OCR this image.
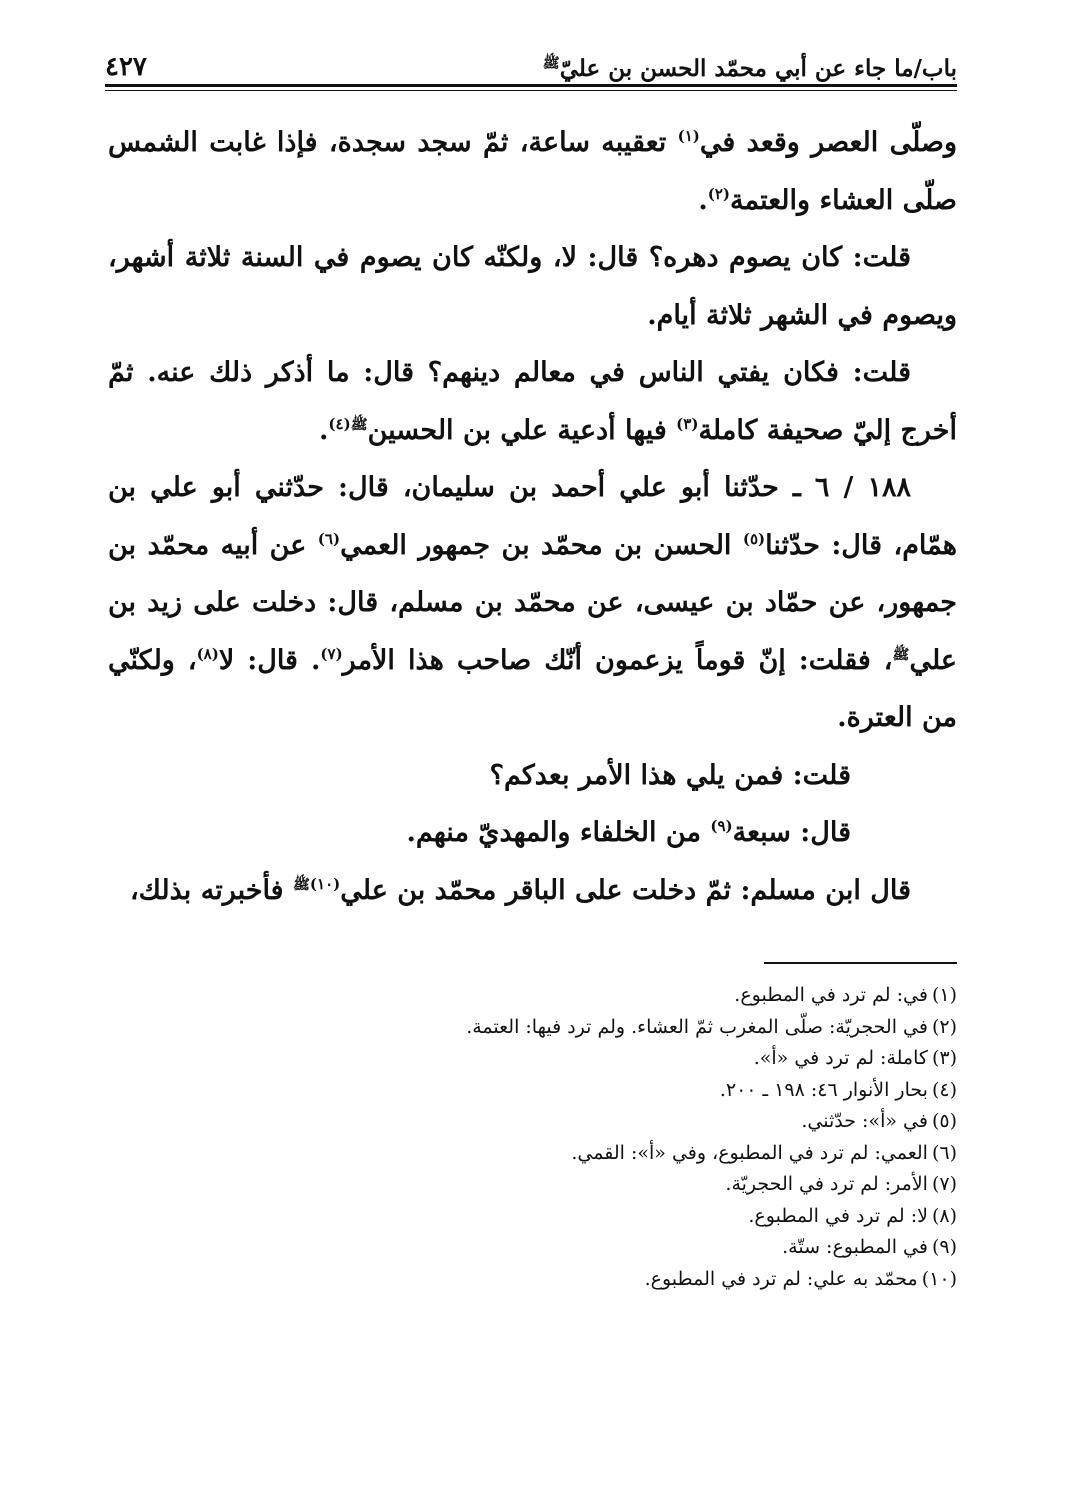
باب/ما جاء عن أبي محمّد الحسن بن عليّ$^ﷺ$
٤٢٧

وصلّى العصر وقعد في$^{(١)}$ تعقيبه ساعة، ثمّ سجد سجدة، فإذا غابت الشمس صلّى العشاء والعتمة$^{(٢)}$.

قلت: كان يصوم دهره؟ قال: لا، ولكنّه كان يصوم في السنة ثلاثة أشهر، ويصوم في الشهر ثلاثة أيام.

قلت: فكان يفتي الناس في معالم دينهم؟ قال: ما أذكر ذلك عنه. ثمّ أخرج إليّ صحيفة كاملة$^{(٣)}$ فيها أدعية علي بن الحسين$^{ﷺ(٤)}$.

١٨٨ / ٦ ـ حدّثنا أبو علي أحمد بن سليمان، قال: حدّثني أبو علي بن همّام، قال: حدّثنا$^{(٥)}$ الحسن بن محمّد بن جمهور العمي$^{(٦)}$ عن أبيه محمّد بن جمهور، عن حمّاد بن عيسى، عن محمّد بن مسلم، قال: دخلت على زيد بن علي$^ﷺ$، فقلت: إنّ قوماً يزعمون أنّك صاحب هذا الأمر$^{(٧)}$. قال: لا$^{(٨)}$، ولكنّي من العترة.

قلت: فمن يلي هذا الأمر بعدكم؟

قال: سبعة$^{(٩)}$ من الخلفاء والمهديّ منهم.

قال ابن مسلم: ثمّ دخلت على الباقر محمّد بن علي$^{(١٠)ﷺ}$ فأخبرته بذلك،

(١)في: لم ترد في المطبوع.
(٢)في الحجريّة: صلّى المغرب ثمّ العشاء. ولم ترد فيها: العتمة.
(٣)كاملة: لم ترد في «أ».
(٤)بحار الأنوار ٤٦: ١٩٨ ـ ٢٠٠.
(٥)في «أ»: حدّثني.
(٦)العمي: لم ترد في المطبوع، وفي «أ»: القمي.
(٧)الأمر: لم ترد في الحجريّة.
(٨)لا: لم ترد في المطبوع.
(٩)في المطبوع: ستّة.
(١٠)محمّد به علي: لم ترد في المطبوع.
